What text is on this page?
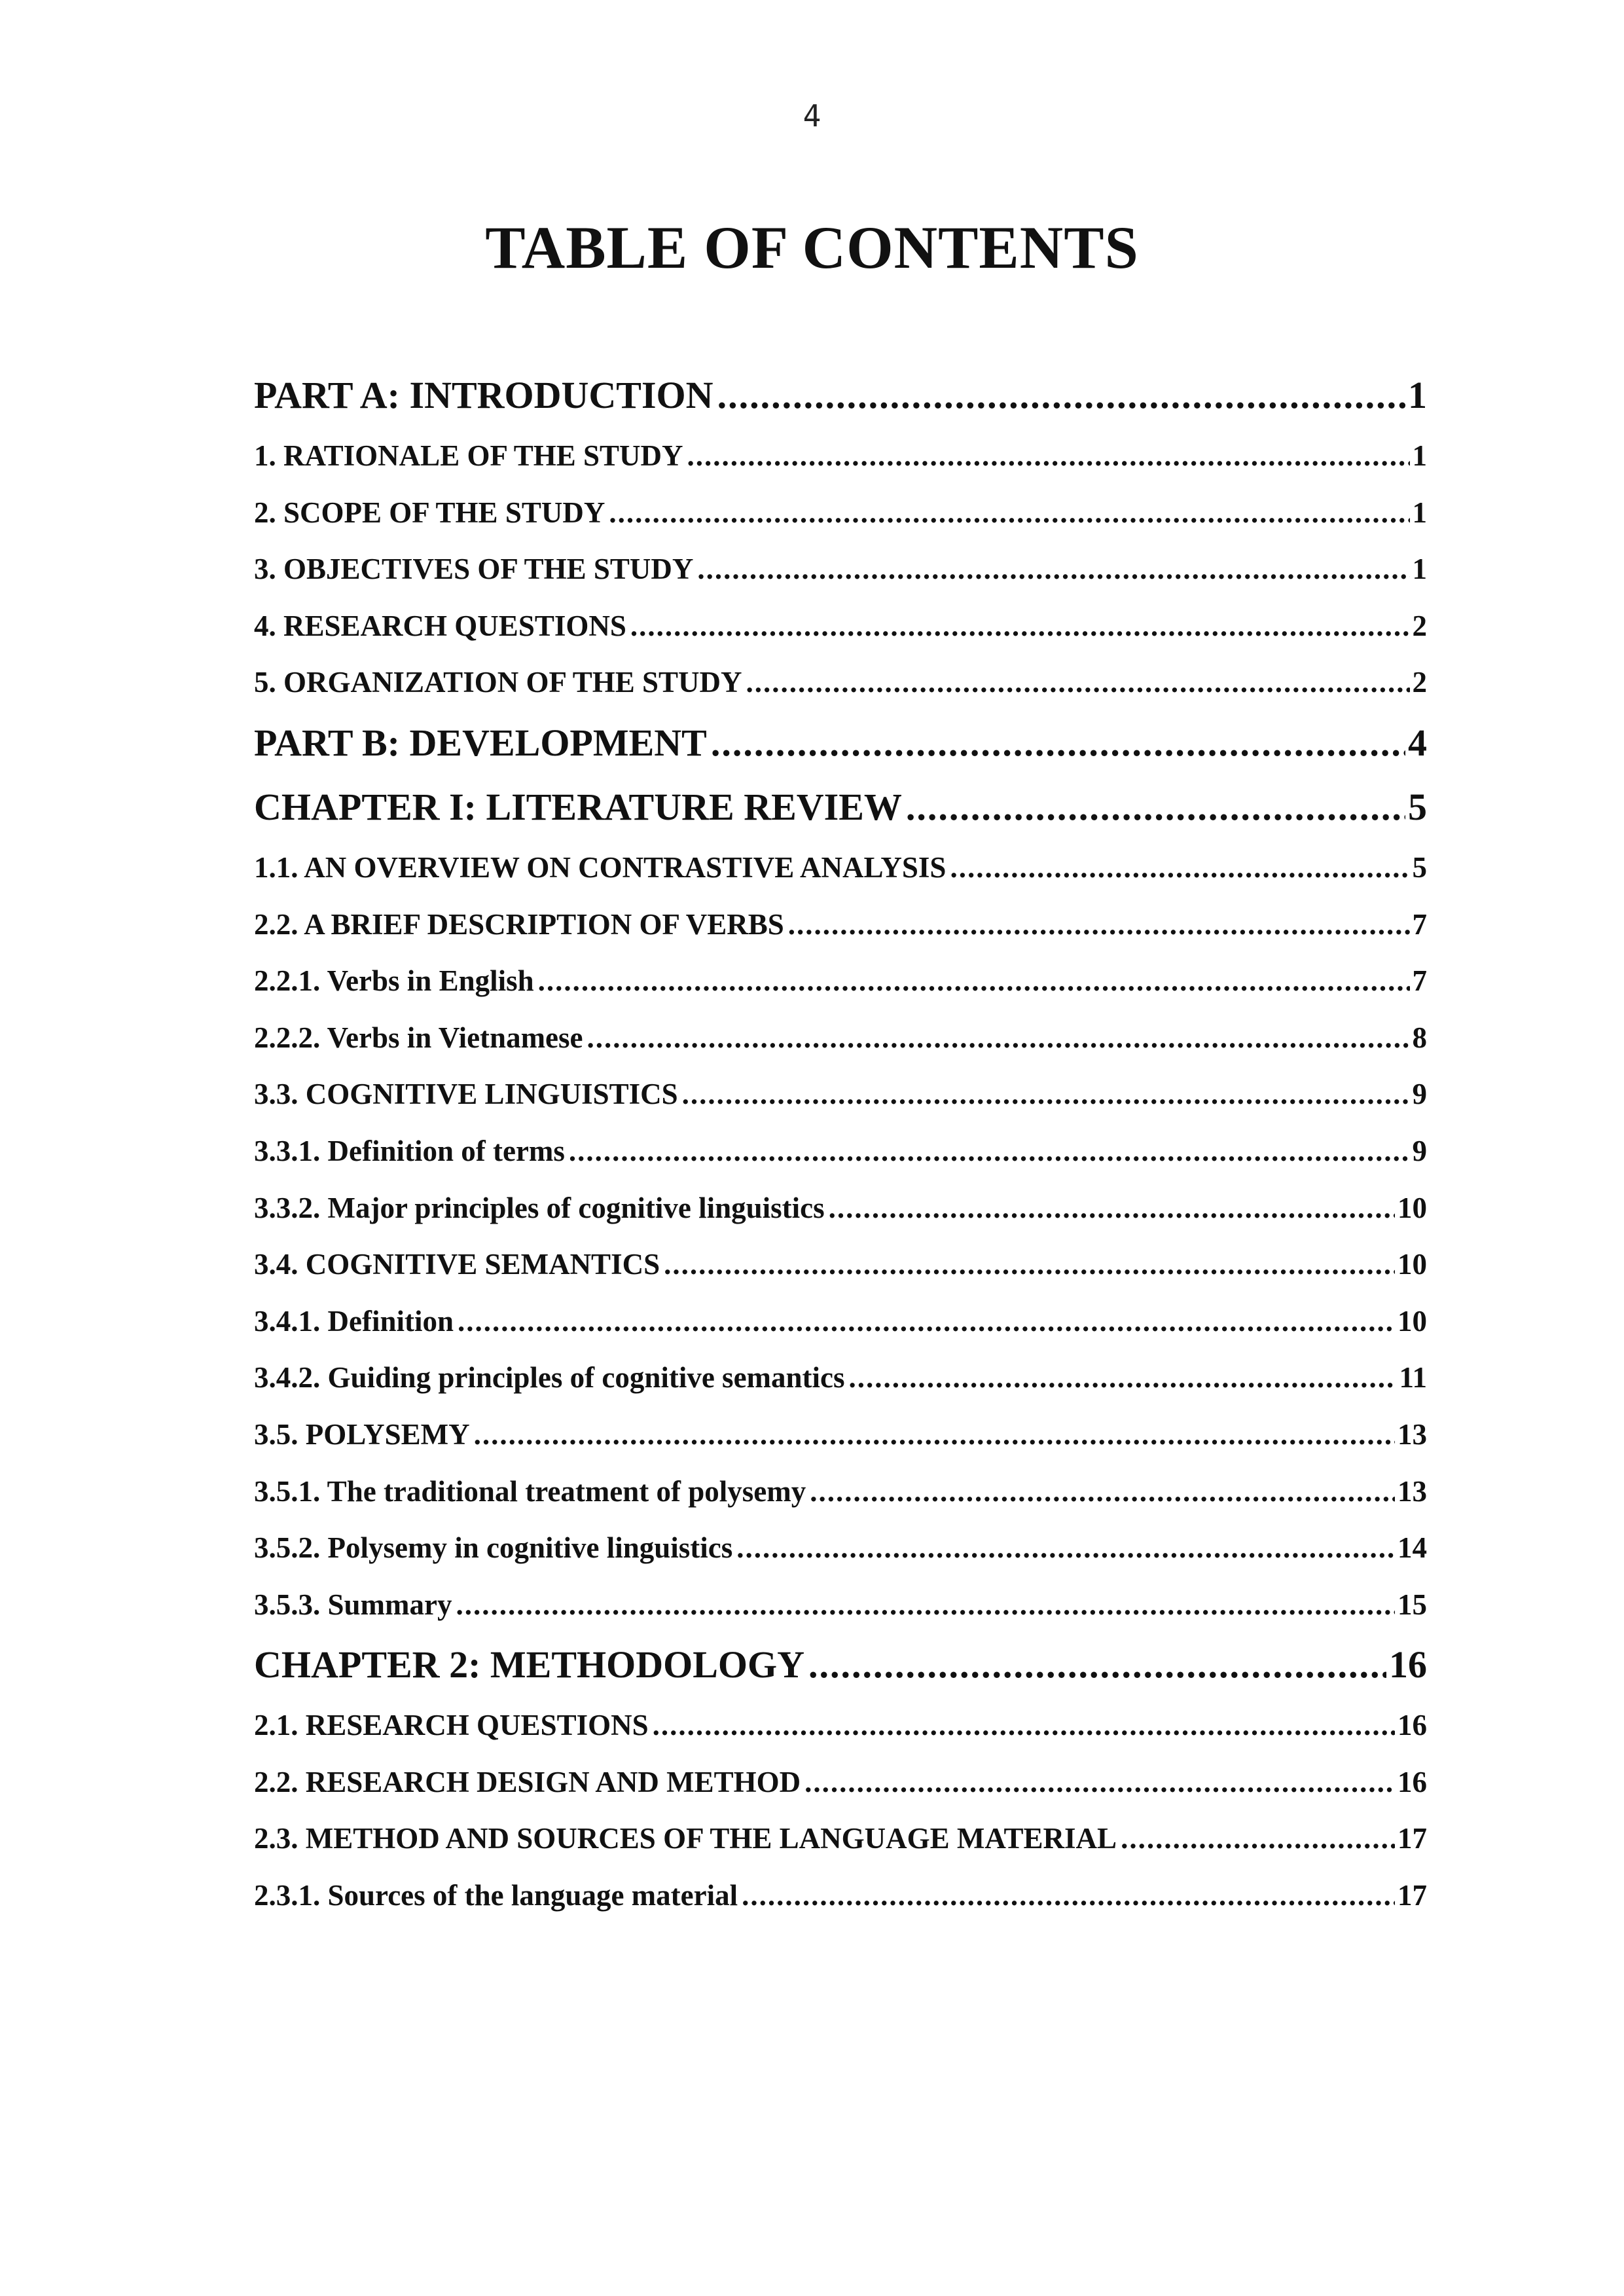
4
TABLE OF CONTENTS
PART A: INTRODUCTION .....	1
1. RATIONALE OF THE STUDY .....	1
2. SCOPE OF THE STUDY .....	1
3. OBJECTIVES OF THE STUDY .....	1
4. RESEARCH QUESTIONS .....	2
5. ORGANIZATION OF THE STUDY .....	2
PART B: DEVELOPMENT .....	4
CHAPTER I: LITERATURE REVIEW .....	5
1.1. AN OVERVIEW ON CONTRASTIVE ANALYSIS .....	5
2.2. A BRIEF DESCRIPTION OF VERBS .....	7
2.2.1. Verbs in English .....	7
2.2.2. Verbs in Vietnamese .....	8
3.3. COGNITIVE LINGUISTICS .....	9
3.3.1. Definition of terms .....	9
3.3.2. Major principles of cognitive linguistics .....	10
3.4. COGNITIVE SEMANTICS .....	10
3.4.1. Definition .....	10
3.4.2. Guiding principles of cognitive semantics .....	11
3.5. POLYSEMY .....	13
3.5.1. The traditional treatment of polysemy .....	13
3.5.2. Polysemy in cognitive linguistics .....	14
3.5.3. Summary .....	15
CHAPTER 2: METHODOLOGY .....	16
2.1. RESEARCH QUESTIONS .....	16
2.2. RESEARCH DESIGN AND METHOD .....	16
2.3. METHOD AND SOURCES OF THE LANGUAGE MATERIAL .....	17
2.3.1. Sources of the language material .....	17
